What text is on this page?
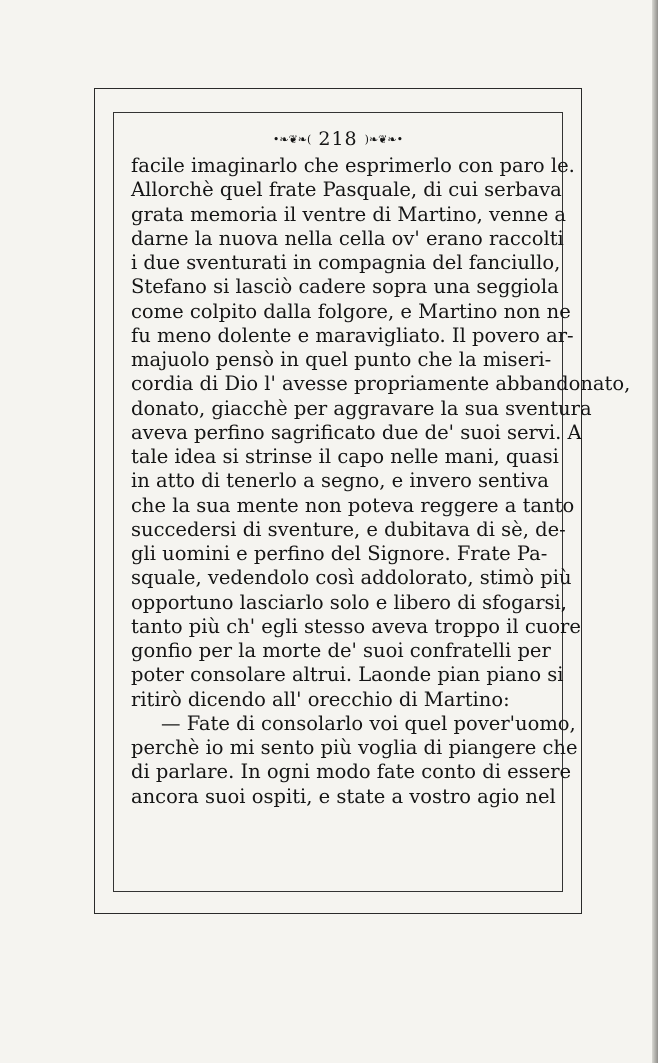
•❧❦❧( 218 )❧❦❧•
facile imaginarlo che esprimerlo con paro le.
Allorchè quel frate Pasquale, di cui serbava
grata memoria il ventre di Martino, venne a
darne la nuova nella cella ov' erano raccolti
i due sventurati in compagnia del fanciullo,
Stefano si lasciò cadere sopra una seggiola
come colpito dalla folgore, e Martino non ne
fu meno dolente e maravigliato. Il povero ar-
majuolo pensò in quel punto che la miseri-
cordia di Dio l' avesse propriamente abbandonato,
donato, giacchè per aggravare la sua sventura
aveva perfino sagrificato due de' suoi servi. A
tale idea si strinse il capo nelle mani, quasi
in atto di tenerlo a segno, e invero sentiva
che la sua mente non poteva reggere a tanto
succedersi di sventure, e dubitava di sè, de-
gli uomini e perfino del Signore. Frate Pa-
squale, vedendolo così addolorato, stimò più
opportuno lasciarlo solo e libero di sfogarsi,
tanto più ch' egli stesso aveva troppo il cuore
gonfio per la morte de' suoi confratelli per
poter consolare altrui. Laonde pian piano si
ritirò dicendo all' orecchio di Martino:
— Fate di consolarlo voi quel pover'uomo,
perchè io mi sento più voglia di piangere che
di parlare. In ogni modo fate conto di essere
ancora suoi ospiti, e state a vostro agio nel
